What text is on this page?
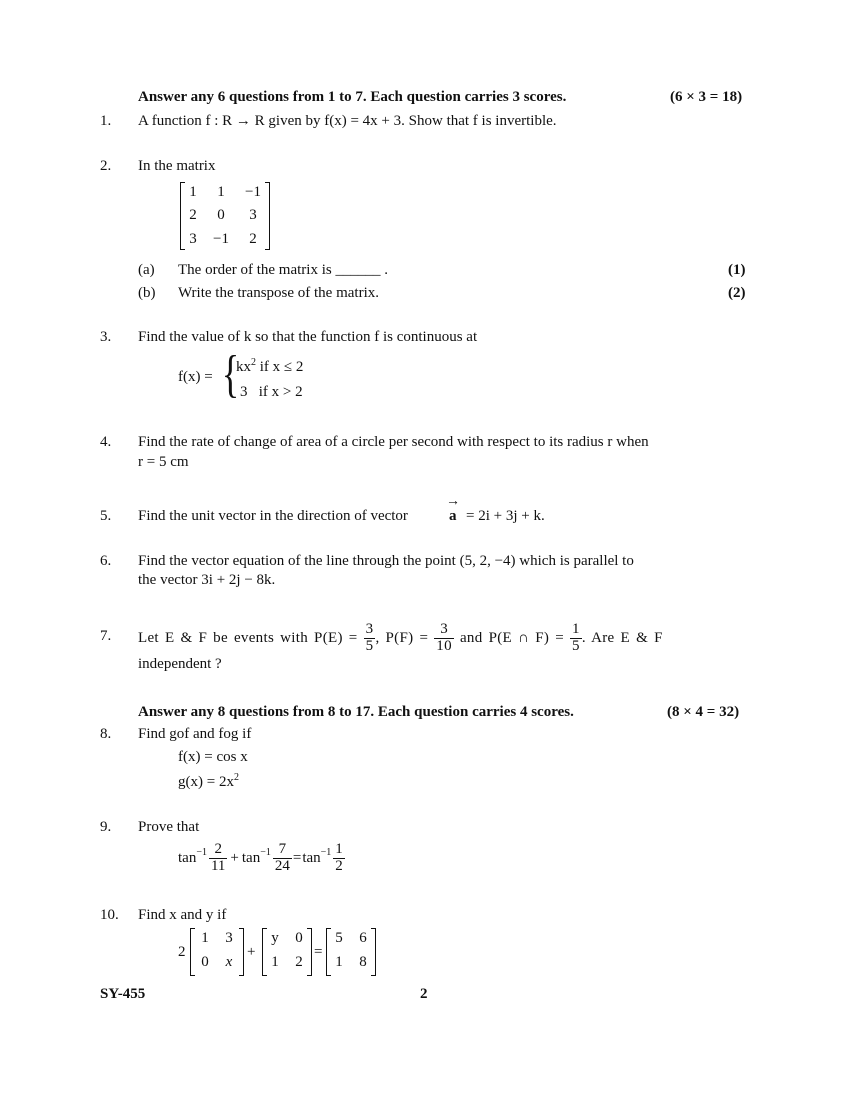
Answer any 6 questions from 1 to 7. Each question carries 3 scores.	(6 × 3 = 18)
1. A function f : R → R given by f(x) = 4x + 3. Show that f is invertible.
2. In the matrix
1	1	−1
2	0	3
3	−1	2
(a) The order of the matrix is ______ .	(1)
(b) Write the transpose of the matrix.	(2)
3. Find the value of k so that the function f is continuous at
f(x) = {
$kx^2$ if x ≤ 2
3 if x > 2
4. Find the rate of change of area of a circle per second with respect to its radius r when
r = 5 cm
5. Find the unit vector in the direction of vector
→
a = 2i + 3j + k.
6. Find the vector equation of the line through the point (5, 2, −4) which is parallel to
the vector 3i + 2j − 8k.
7. Let E & F be events with P(E) =
$\frac{3}{5}$ , P(F) =
$\frac{3}{10}$
and P(E ∩ F) =
$\frac{1}{5}$ . Are E & F
independent ?
Answer any 8 questions from 8 to 17. Each question carries 4 scores.	(8 × 4 = 32)
8. Find gof and fog if
f(x) = cos x
$g(x) = 2x^2$
9. Prove that
$\tan^{-1} \frac{2}{11} + \tan^{-1} \frac{7}{24} = \tan^{-1} \frac{1}{2}$
10. Find x and y if
2
1	3
0	x
+
y	0
1	2
=
5	6
1	8
SY-455	2
